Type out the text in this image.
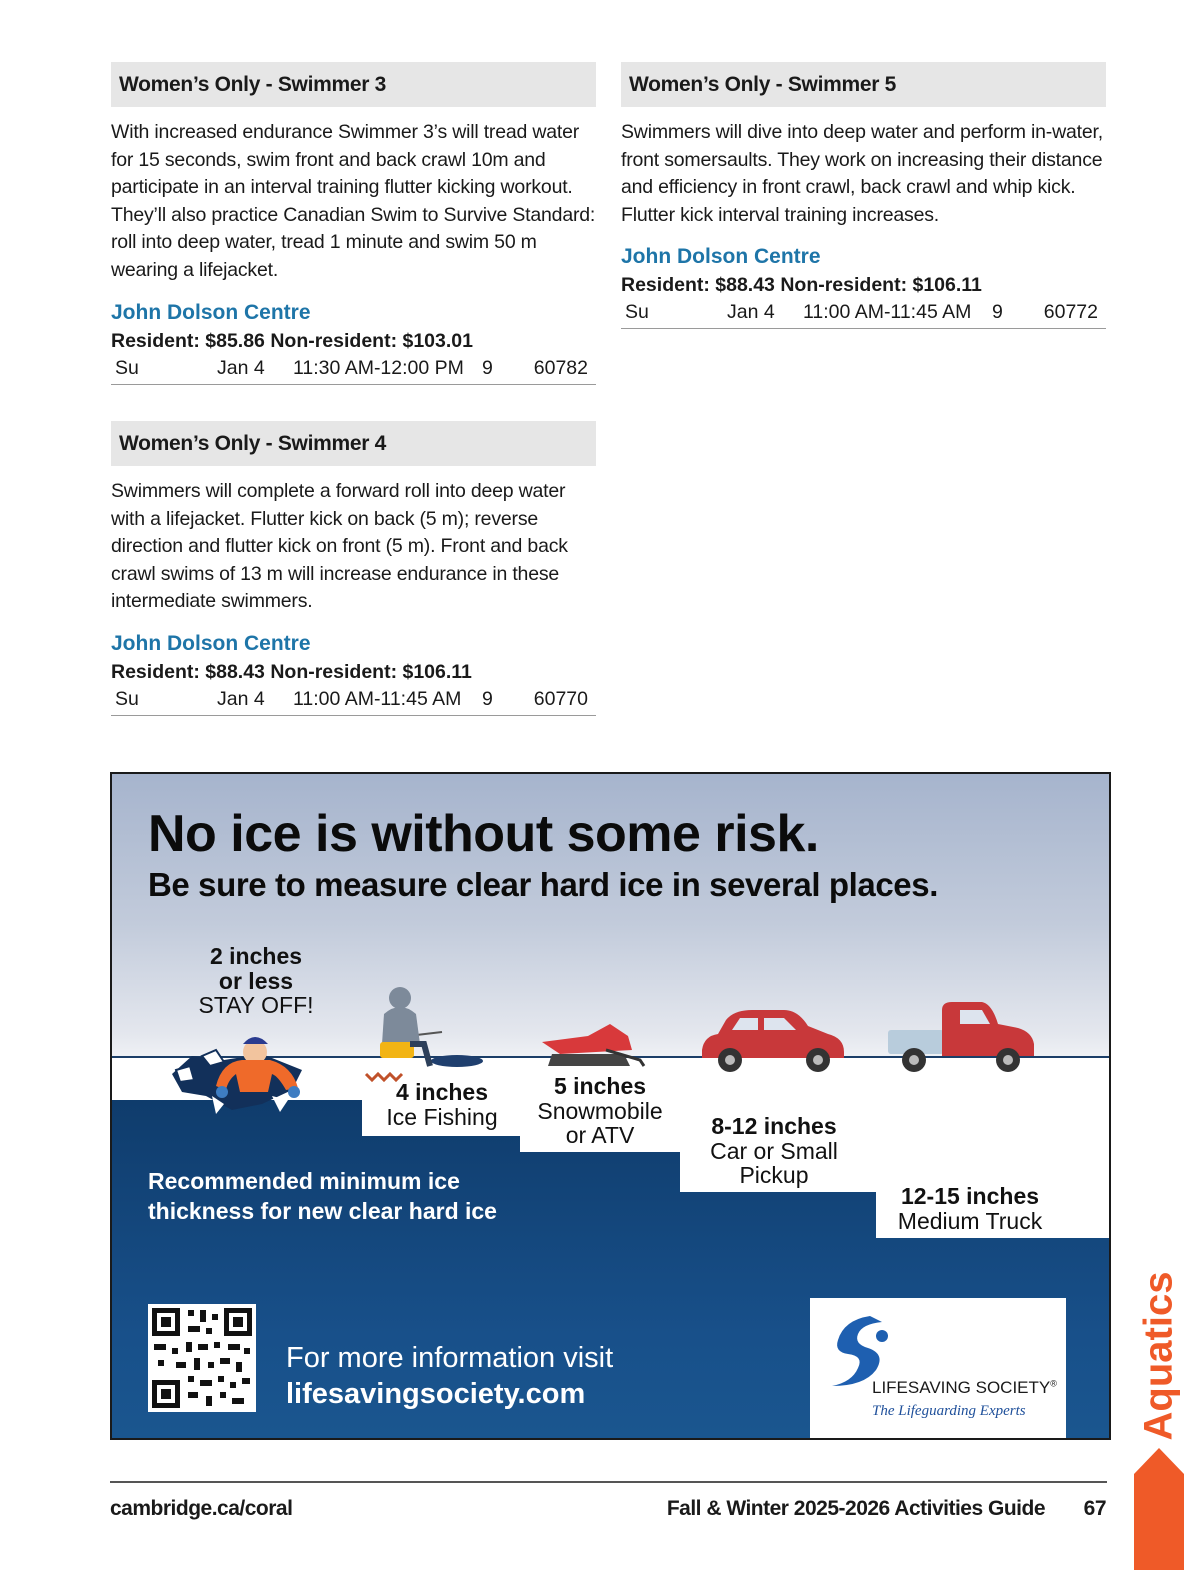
Women’s Only - Swimmer 3
With increased endurance Swimmer 3’s will tread water for 15 seconds, swim front and back crawl 10m and participate in an interval training flutter kicking workout. They’ll also practice Canadian Swim to Survive Standard: roll into deep water, tread 1 minute and swim 50 m wearing a lifejacket.
John Dolson Centre
Resident: $85.86 Non-resident: $103.01
Su	Jan 4 11:30 AM-12:00 PM 9 60782
Women’s Only - Swimmer 4
Swimmers will complete a forward roll into deep water with a lifejacket. Flutter kick on back (5 m); reverse direction and flutter kick on front (5 m). Front and back crawl swims of 13 m will increase endurance in these intermediate swimmers.
John Dolson Centre
Resident: $88.43 Non-resident: $106.11
Su	Jan 4 11:00 AM-11:45 AM 9 60770
Women’s Only - Swimmer 5
Swimmers will dive into deep water and perform in-water, front somersaults. They work on increasing their distance and efficiency in front crawl, back crawl and whip kick. Flutter kick interval training increases.
John Dolson Centre
Resident: $88.43 Non-resident: $106.11
Su	Jan 4 11:00 AM-11:45 AM 9 60772
No ice is without some risk.
Be sure to measure clear hard ice in several places.
2 inches
or less
STAY OFF!
4 inches
Ice Fishing
5 inches
Snowmobile
or ATV	8-12 inches
Car or Small
Pickup
12-15 inches
Medium Truck
Recommended minimum ice
thickness for new clear hard ice
For more information visit
lifesavingsociety.com	LIFESAVING SOCIETY®
The Lifeguarding Experts
cambridge.ca/coral	Fall & Winter 2025-2026 Activities Guide 67
Aquatics
